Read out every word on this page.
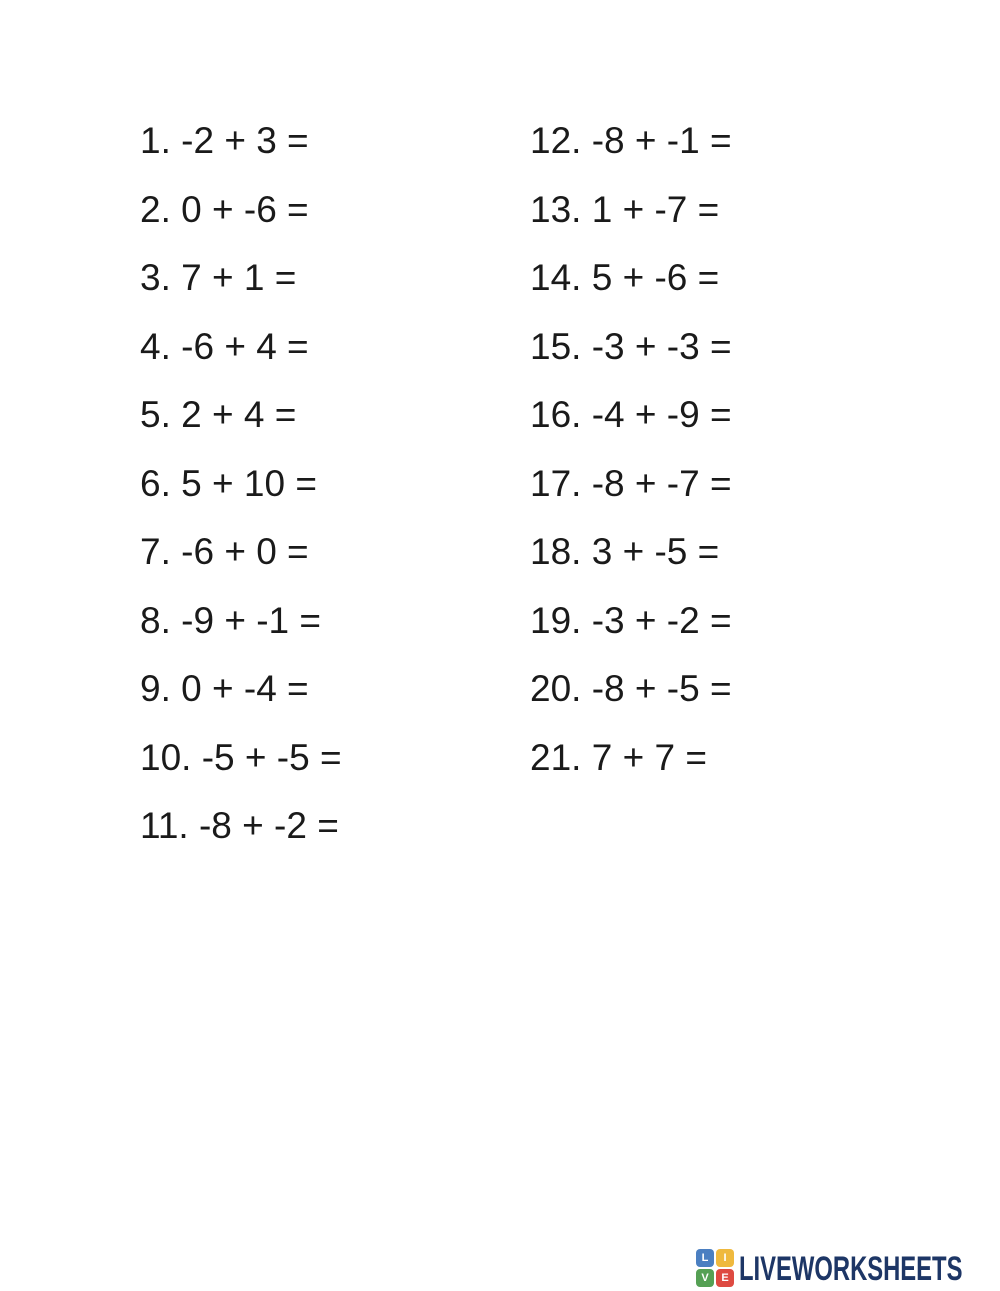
1. -2 + 3 =
2. 0 + -6 =
3. 7 + 1 =
4. -6 + 4 =
5. 2 + 4 =
6. 5 + 10 =
7. -6 + 0 =
8. -9 + -1 =
9. 0 + -4 =
10. -5 + -5 =
11. -8 + -2 =
12. -8 + -1 =
13. 1 + -7 =
14. 5 + -6 =
15. -3 + -3 =
16. -4 + -9 =
17. -8 + -7 =
18. 3 + -5 =
19. -3 + -2 =
20. -8 + -5 =
21. 7 + 7 =
L	I
V	E LIVEWORKSHEETS
